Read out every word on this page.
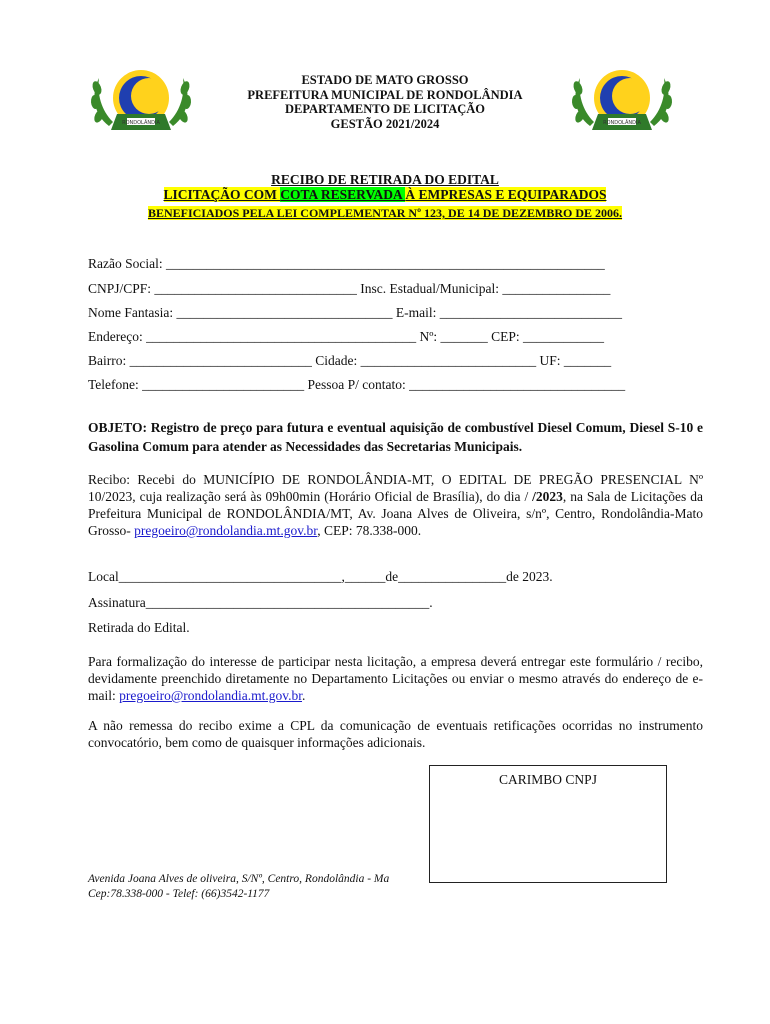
RONDOLÂNDIA	RONDOLÂNDIA
ESTADO DE MATO GROSSO
PREFEITURA MUNICIPAL DE RONDOLÂNDIA
DEPARTAMENTO DE LICITAÇÃO
GESTÃO 2021/2024
RECIBO DE RETIRADA DO EDITAL
LICITAÇÃO COM COTA RESERVADA À EMPRESAS E EQUIPARADOS
BENEFICIADOS PELA LEI COMPLEMENTAR Nº 123, DE 14 DE DEZEMBRO DE 2006.
Razão Social: _________________________________________________________________
CNPJ/CPF: ______________________________ Insc. Estadual/Municipal: ________________
Nome Fantasia: ________________________________ E-mail: ___________________________
Endereço: ________________________________________ Nº: _______ CEP: ____________
Bairro: ___________________________ Cidade: __________________________ UF: _______
Telefone: ________________________ Pessoa P/ contato: ________________________________
OBJETO: Registro de preço para futura e eventual aquisição de combustível Diesel Comum, Diesel S-10 e Gasolina Comum para atender as Necessidades das Secretarias Municipais.
Recibo: Recebi do MUNICÍPIO DE RONDOLÂNDIA-MT, O EDITAL DE PREGÃO PRESENCIAL Nº 10/2023, cuja realização será às 09h00min (Horário Oficial de Brasília), do dia / /2023, na Sala de Licitações da Prefeitura Municipal de RONDOLÂNDIA/MT, Av. Joana Alves de Oliveira, s/nº, Centro, Rondolândia-Mato Grosso- pregoeiro@rondolandia.mt.gov.br, CEP: 78.338-000.
Local_________________________________,______de________________de 2023.
Assinatura__________________________________________.
Retirada do Edital.
Para formalização do interesse de participar nesta licitação, a empresa deverá entregar este formulário / recibo, devidamente preenchido diretamente no Departamento Licitações ou enviar o mesmo através do endereço de e-mail: pregoeiro@rondolandia.mt.gov.br.
A não remessa do recibo exime a CPL da comunicação de eventuais retificações ocorridas no instrumento convocatório, bem como de quaisquer informações adicionais.
Avenida Joana Alves de oliveira, S/Nº, Centro, Rondolândia - Ma
Cep:78.338-000 - Telef: (66)3542-1177
CARIMBO CNPJ
